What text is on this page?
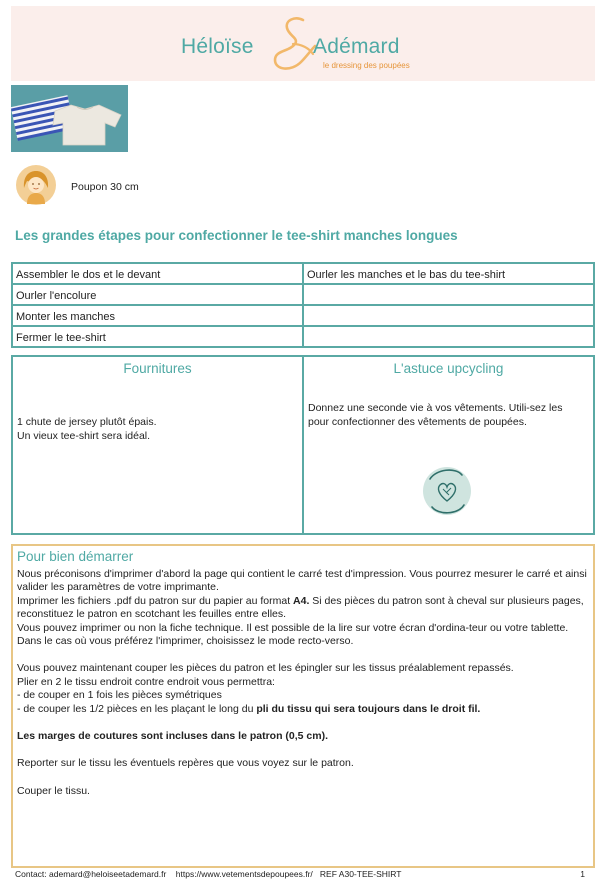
Héloïse	Adémard
le dressing des poupées
Poupon 30 cm
Les grandes étapes pour confectionner le tee-shirt manches longues
Assembler le dos et le devant	Ourler les manches et le bas du tee-shirt
Ourler l'encolure	
Monter les manches	
Fermer le tee-shirt	
Fournitures

1 chute de jersey plutôt épais.
Un vieux tee-shirt sera idéal.

L'astuce upcycling

Donnez une seconde vie à vos vêtements. Utili-sez les pour confectionner des vêtements de poupées.

Pour bien démarrer

Nous préconisons d'imprimer d'abord la page qui contient le carré test d'impression. Vous pourrez mesurer le carré et ainsi valider les paramètres de votre imprimante.

Imprimer les fichiers .pdf du patron sur du papier au format A4. Si des pièces du patron sont à cheval sur plusieurs pages, reconstituez le patron en scotchant les feuilles entre elles.

Vous pouvez imprimer ou non la fiche technique. Il est possible de la lire sur votre écran d'ordina-teur ou votre tablette. Dans le cas où vous préférez l'imprimer, choisissez le mode recto-verso.

Vous pouvez maintenant couper les pièces du patron et les épingler sur les tissus préalablement repassés.

Plier en 2 le tissu endroit contre endroit vous permettra:

- de couper en 1 fois les pièces symétriques

- de couper les 1/2 pièces en les plaçant le long du pli du tissu qui sera toujours dans le droit fil.

Les marges de coutures sont incluses dans le patron (0,5 cm).

Reporter sur le tissu les éventuels repères que vous voyez sur le patron.

Couper le tissu.

Contact: ademard@heloiseetademard.fr https://www.vetementsdepoupees.fr/ REF A30-TEE-SHIRT	1
